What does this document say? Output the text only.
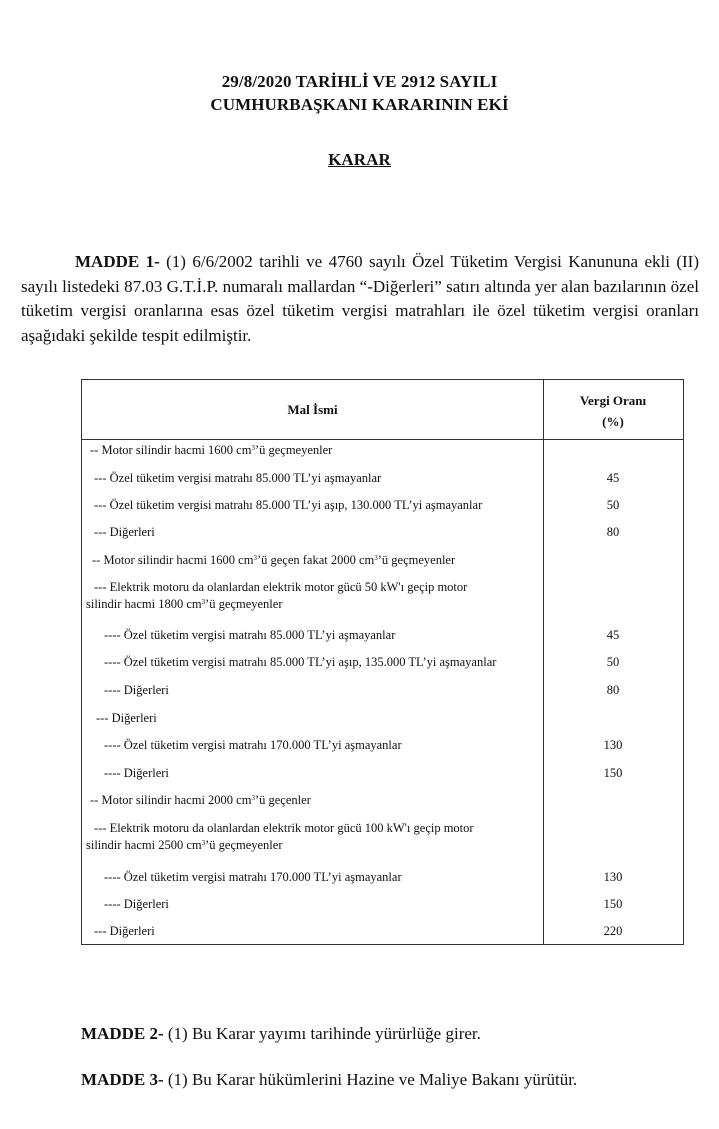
29/8/2020 TARİHLİ VE 2912 SAYILI
CUMHURBAŞKANI KARARININ EKİ
KARAR
MADDE 1- (1) 6/6/2002 tarihli ve 4760 sayılı Özel Tüketim Vergisi Kanununa ekli (II) sayılı listedeki 87.03 G.T.İ.P. numaralı mallardan “-Diğerleri” satırı altında yer alan bazılarının özel tüketim vergisi oranlarına esas özel tüketim vergisi matrahları ile özel tüketim vergisi oranları aşağıdaki şekilde tespit edilmiştir.
Mal İsmi
Vergi Oranı
(%)
-- Motor silindir hacmi 1600 $cm^3’ü$ geçmeyenler
--- Özel tüketim vergisi matrahı 85.000 TL’yi aşmayanlar	45
--- Özel tüketim vergisi matrahı 85.000 TL’yi aşıp, 130.000 TL’yi aşmayanlar	50
--- Diğerleri	80
-- Motor silindir hacmi 1600 $cm^3’ü$ geçen fakat 2000 $cm^3’ü$ geçmeyenler
--- Elektrik motoru da olanlardan elektrik motor gücü 50 kW'ı geçip motor
silindir hacmi 1800 $cm^3’ü$ geçmeyenler
---- Özel tüketim vergisi matrahı 85.000 TL’yi aşmayanlar	45
---- Özel tüketim vergisi matrahı 85.000 TL’yi aşıp, 135.000 TL’yi aşmayanlar	50
---- Diğerleri	80
--- Diğerleri
---- Özel tüketim vergisi matrahı 170.000 TL’yi aşmayanlar	130
---- Diğerleri	150
-- Motor silindir hacmi 2000 $cm^3’ü$ geçenler
--- Elektrik motoru da olanlardan elektrik motor gücü 100 kW'ı geçip motor
silindir hacmi 2500 $cm^3’ü$ geçmeyenler
---- Özel tüketim vergisi matrahı 170.000 TL’yi aşmayanlar	130
---- Diğerleri	150
--- Diğerleri	220
MADDE 2- (1) Bu Karar yayımı tarihinde yürürlüğe girer.
MADDE 3- (1) Bu Karar hükümlerini Hazine ve Maliye Bakanı yürütür.
